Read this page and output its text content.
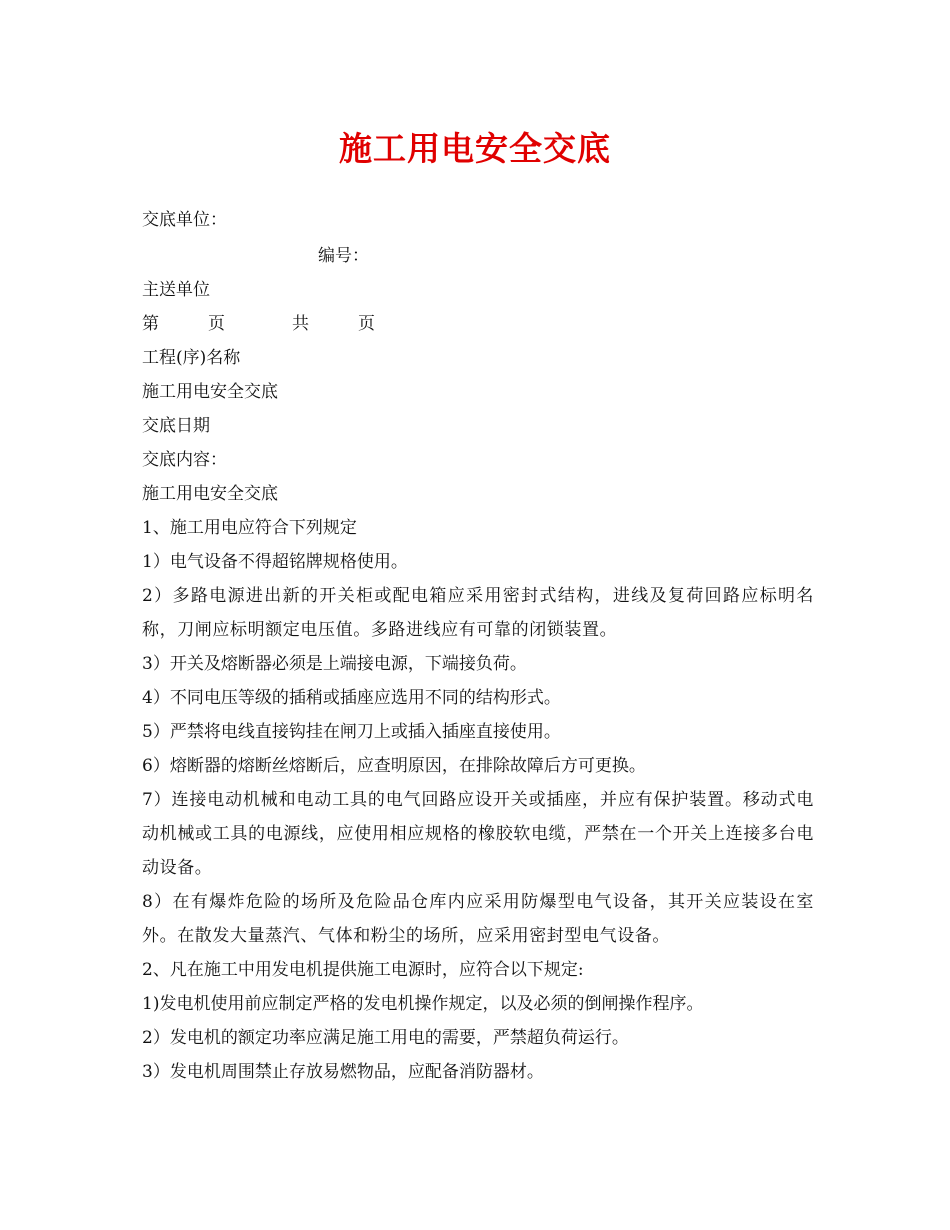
施工用电安全交底
交底单位：
编号：
主送单位
第	页	共	页
工程(序)名称
施工用电安全交底
交底日期
交底内容：
施工用电安全交底
1、施工用电应符合下列规定
1）电气设备不得超铭牌规格使用。
2）多路电源进出新的开关柜或配电箱应采用密封式结构，进线及复荷回路应标明名称，刀闸应标明额定电压值。多路进线应有可靠的闭锁装置。
3）开关及熔断器必须是上端接电源，下端接负荷。
4）不同电压等级的插稍或插座应选用不同的结构形式。
5）严禁将电线直接钩挂在闸刀上或插入插座直接使用。
6）熔断器的熔断丝熔断后，应查明原因，在排除故障后方可更换。
7）连接电动机械和电动工具的电气回路应设开关或插座，并应有保护装置。移动式电动机械或工具的电源线，应使用相应规格的橡胶软电缆，严禁在一个开关上连接多台电动设备。
8）在有爆炸危险的场所及危险品仓库内应采用防爆型电气设备，其开关应装设在室外。在散发大量蒸汽、气体和粉尘的场所，应采用密封型电气设备。
2、凡在施工中用发电机提供施工电源时，应符合以下规定:
1)发电机使用前应制定严格的发电机操作规定，以及必须的倒闸操作程序。
2）发电机的额定功率应满足施工用电的需要，严禁超负荷运行。
3）发电机周围禁止存放易燃物品，应配备消防器材。
